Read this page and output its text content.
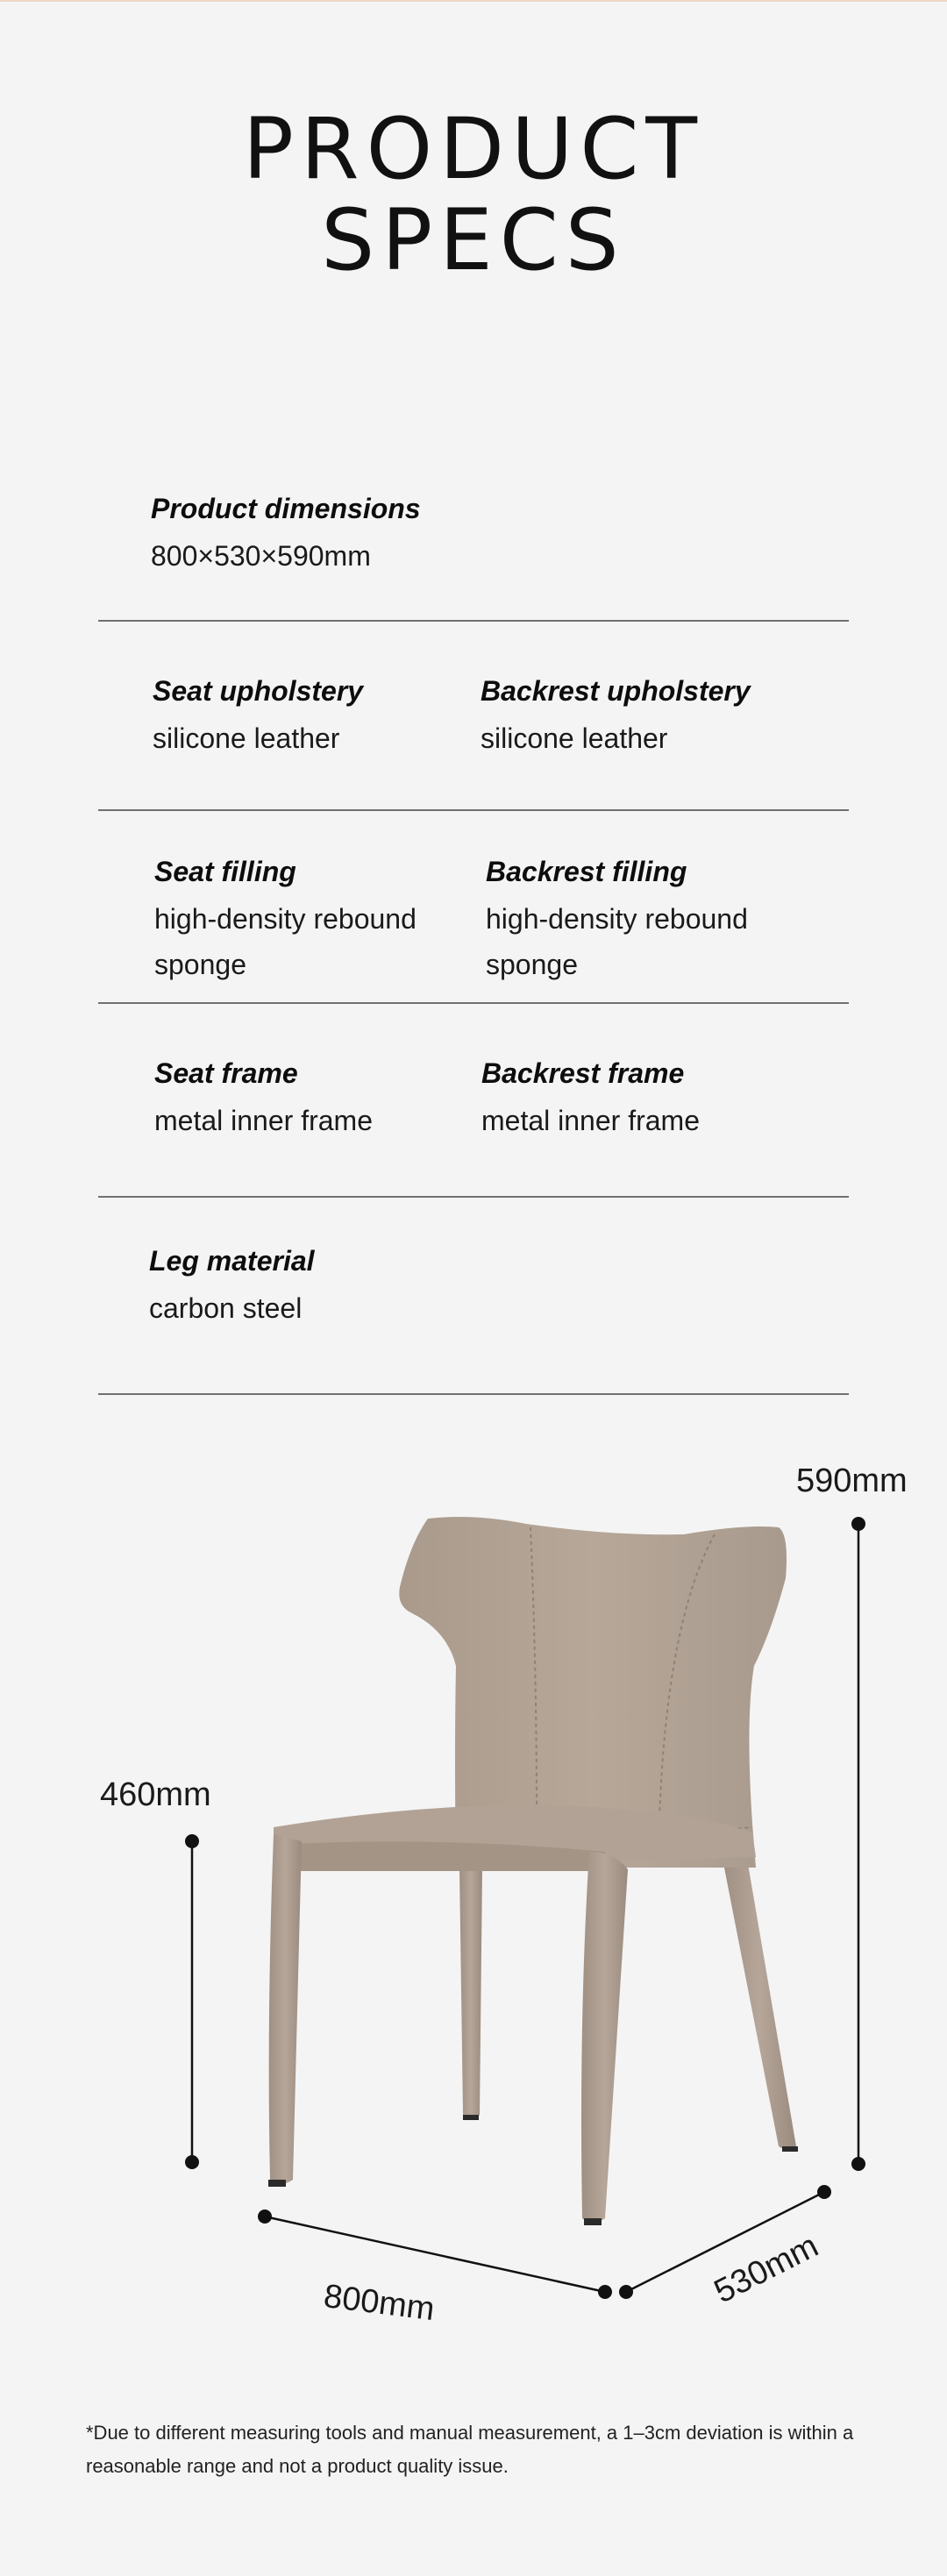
PRODUCT
SPECS
Product dimensions
800×530×590mm
Seat upholstery
silicone leather
Backrest upholstery
silicone leather
Seat filling
high-density rebound sponge
Backrest filling
high-density rebound sponge
Seat frame
metal inner frame
Backrest frame
metal inner frame
Leg material
carbon steel
590mm
460mm
800mm	530mm

*Due to different measuring tools and manual measurement, a 1–3cm deviation is within a reasonable range and not a product quality issue.
